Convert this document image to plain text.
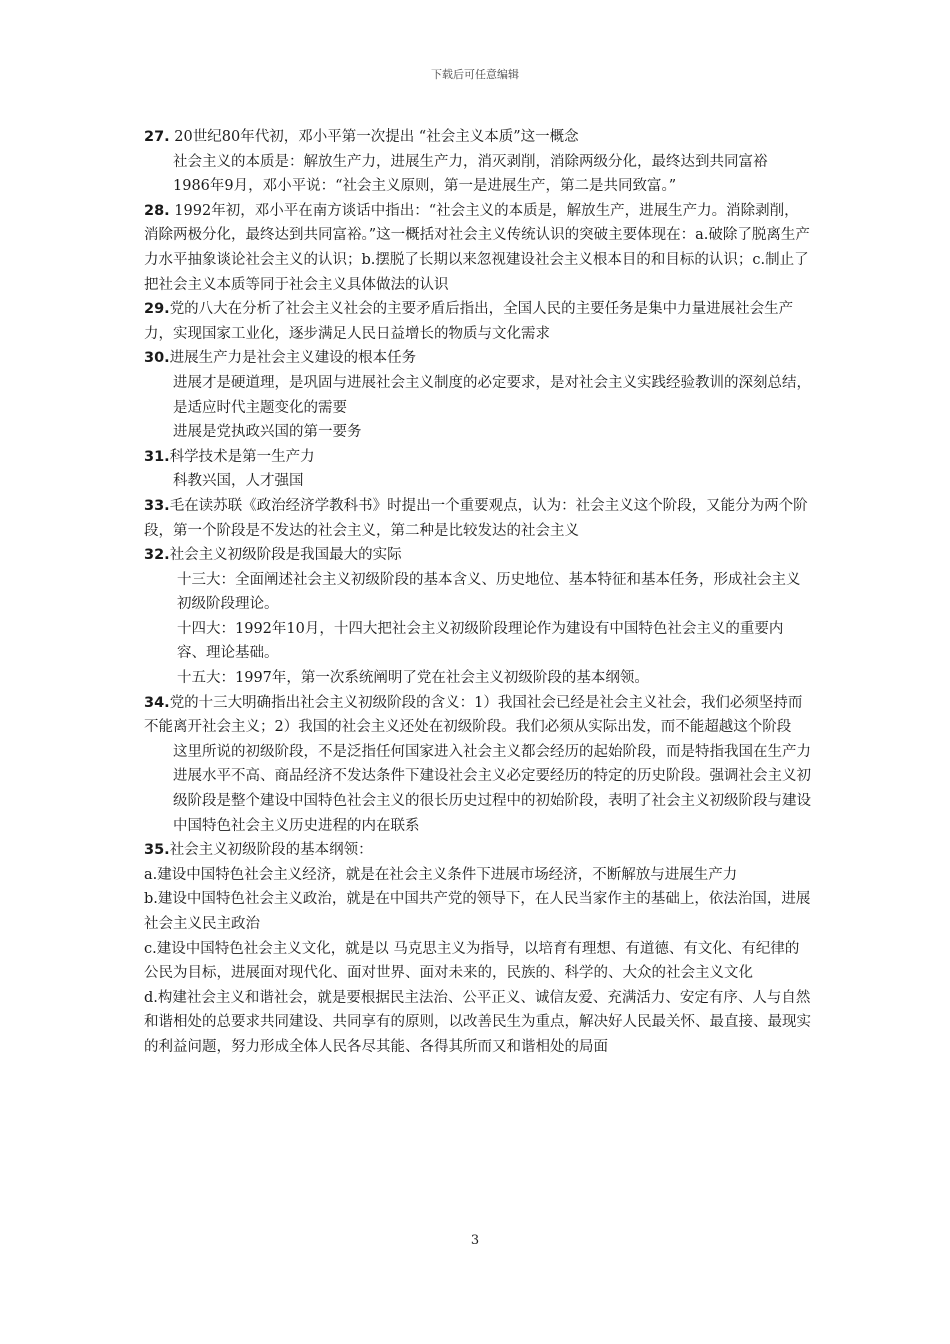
下载后可任意编辑

27. 20世纪80年代初，邓小平第一次提出 “社会主义本质”这一概念

社会主义的本质是：解放生产力，进展生产力，消灭剥削，消除两级分化，最终达到共同富裕

1986年9月，邓小平说：“社会主义原则，第一是进展生产，第二是共同致富。”

28. 1992年初，邓小平在南方谈话中指出：“社会主义的本质是，解放生产，进展生产力。消除剥削，消除两极分化，最终达到共同富裕。”这一概括对社会主义传统认识的突破主要体现在：a.破除了脱离生产力水平抽象谈论社会主义的认识；b.摆脱了长期以来忽视建设社会主义根本目的和目标的认识；c.制止了把社会主义本质等同于社会主义具体做法的认识

29.党的八大在分析了社会主义社会的主要矛盾后指出，全国人民的主要任务是集中力量进展社会生产力，实现国家工业化，逐步满足人民日益增长的物质与文化需求

30.进展生产力是社会主义建设的根本任务

进展才是硬道理，是巩固与进展社会主义制度的必定要求，是对社会主义实践经验教训的深刻总结，是适应时代主题变化的需要

进展是党执政兴国的第一要务

31.科学技术是第一生产力

科教兴国，人才强国

33.毛在读苏联《政治经济学教科书》时提出一个重要观点，认为：社会主义这个阶段，又能分为两个阶段，第一个阶段是不发达的社会主义，第二种是比较发达的社会主义

32.社会主义初级阶段是我国最大的实际

十三大：全面阐述社会主义初级阶段的基本含义、历史地位、基本特征和基本任务，形成社会主义初级阶段理论。

十四大：1992年10月，十四大把社会主义初级阶段理论作为建设有中国特色社会主义的重要内容、理论基础。

十五大：1997年，第一次系统阐明了党在社会主义初级阶段的基本纲领。

34.党的十三大明确指出社会主义初级阶段的含义：1）我国社会已经是社会主义社会，我们必须坚持而不能离开社会主义；2）我国的社会主义还处在初级阶段。我们必须从实际出发，而不能超越这个阶段

这里所说的初级阶段，不是泛指任何国家进入社会主义都会经历的起始阶段，而是特指我国在生产力进展水平不高、商品经济不发达条件下建设社会主义必定要经历的特定的历史阶段。强调社会主义初级阶段是整个建设中国特色社会主义的很长历史过程中的初始阶段，表明了社会主义初级阶段与建设中国特色社会主义历史进程的内在联系

35.社会主义初级阶段的基本纲领：

a.建设中国特色社会主义经济，就是在社会主义条件下进展市场经济，不断解放与进展生产力

b.建设中国特色社会主义政治，就是在中国共产党的领导下，在人民当家作主的基础上，依法治国，进展社会主义民主政治

c.建设中国特色社会主义文化，就是以 马克思主义为指导，以培育有理想、有道德、有文化、有纪律的公民为目标，进展面对现代化、面对世界、面对未来的，民族的、科学的、大众的社会主义文化

d.构建社会主义和谐社会，就是要根据民主法治、公平正义、诚信友爱、充满活力、安定有序、人与自然和谐相处的总要求共同建设、共同享有的原则，以改善民生为重点，解决好人民最关怀、最直接、最现实的利益问题，努力形成全体人民各尽其能、各得其所而又和谐相处的局面

3
